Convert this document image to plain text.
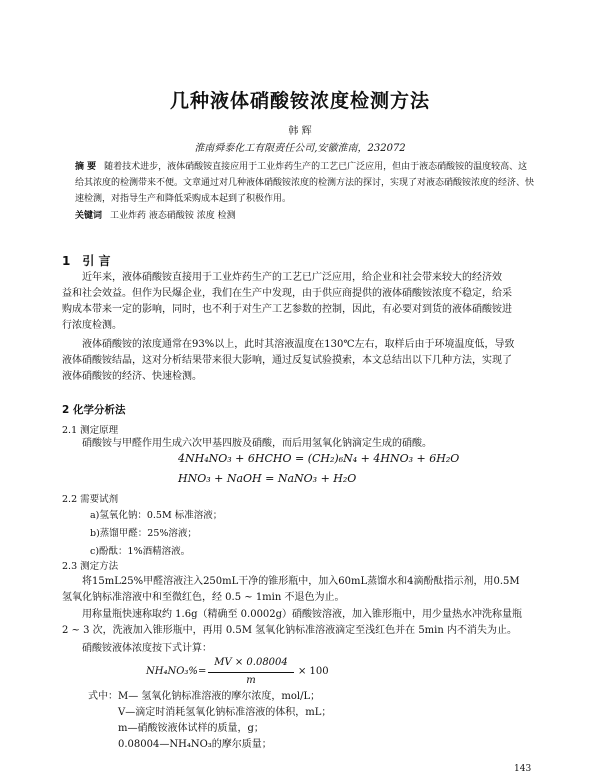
几种液体硝酸铵浓度检测方法
韩 辉
淮南舜泰化工有限责任公司,安徽淮南，232072
摘 要 随着技术进步，液体硝酸铵直接应用于工业炸药生产的工艺已广泛应用，但由于液态硝酸铵的温度较高、这
给其浓度的检测带来不便。文章通过对几种液体硝酸铵浓度的检测方法的探讨，实现了对液态硝酸铵浓度的经济、快
速检测，对指导生产和降低采购成本起到了积极作用。
关键词 工业炸药 液态硝酸铵 浓度 检测
1 引 言
近年来，液体硝酸铵直接用于工业炸药生产的工艺已广泛应用，给企业和社会带来较大的经济效
益和社会效益。但作为民爆企业，我们在生产中发现，由于供应商提供的液体硝酸铵浓度不稳定，给采
购成本带来一定的影响，同时，也不利于对生产工艺参数的控制，因此，有必要对到货的液体硝酸铵进
行浓度检测。
液体硝酸铵的浓度通常在93%以上，此时其溶液温度在130℃左右，取样后由于环境温度低，导致
液体硝酸铵结晶，这对分析结果带来很大影响，通过反复试验摸索，本文总结出以下几种方法，实现了
液体硝酸铵的经济、快速检测。
2 化学分析法
2.1 测定原理
硝酸铵与甲醛作用生成六次甲基四胺及硝酸，而后用氢氧化钠滴定生成的硝酸。
4NH₄NO₃ + 6HCHO = (CH₂)₆N₄ + 4HNO₃ + 6H₂O
HNO₃ + NaOH = NaNO₃ + H₂O
2.2 需要试剂
a)氢氧化钠：0.5M 标准溶液；
b)蒸馏甲醛：25%溶液；
c)酚酞：1%酒精溶液。
2.3 测定方法
将15mL25%甲醛溶液注入250mL干净的锥形瓶中，加入60mL蒸馏水和4滴酚酞指示剂，用0.5M
氢氧化钠标准溶液中和至微红色，经 0.5 ~ 1min 不退色为止。
用称量瓶快速称取约 1.6g（精确至 0.0002g）硝酸铵溶液，加入锥形瓶中，用少量热水冲洗称量瓶
2 ~ 3 次，洗液加入锥形瓶中，再用 0.5M 氢氧化钠标准溶液滴定至浅红色并在 5min 内不消失为止。
硝酸铵液体浓度按下式计算：
NH₄NO₃%=
MV × 0.08004
m
× 100
式中：M— 氢氧化钠标准溶液的摩尔浓度，mol/L；
V—滴定时消耗氢氧化钠标准溶液的体积，mL；
m—硝酸铵液体试样的质量，g；
0.08004—NH₄NO₃的摩尔质量；
143
